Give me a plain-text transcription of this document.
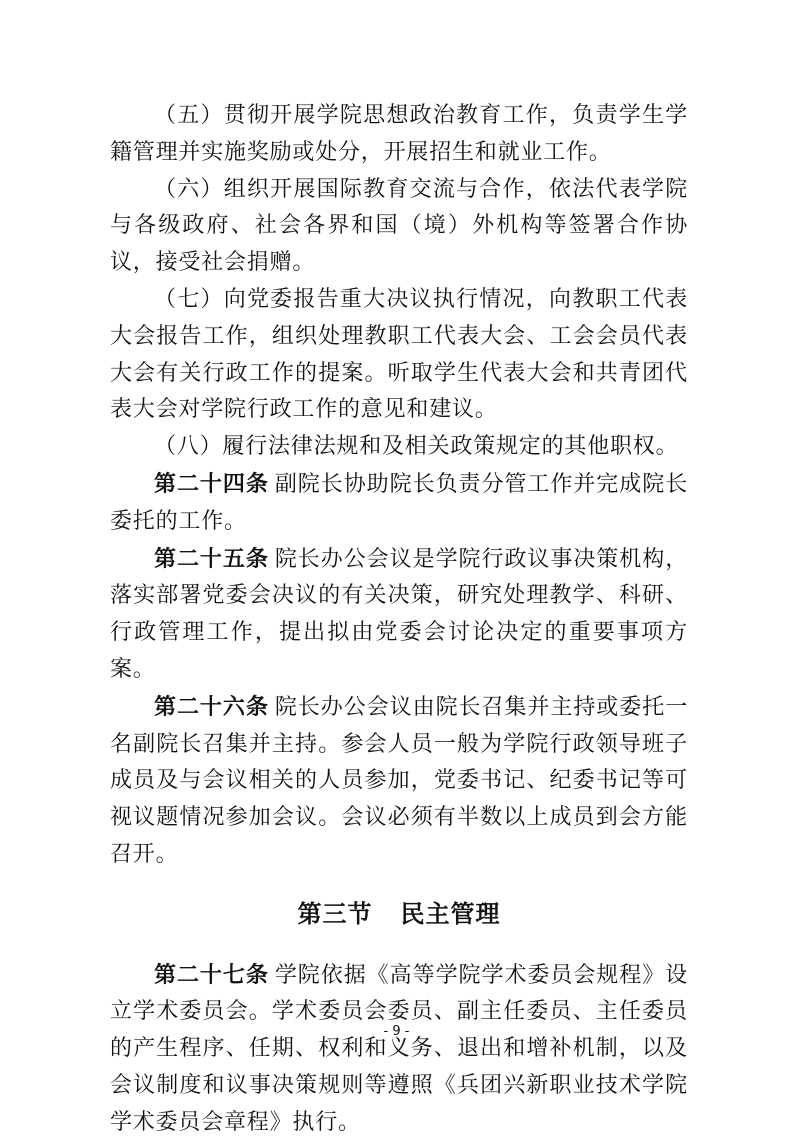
（五）贯彻开展学院思想政治教育工作，负责学生学籍管理并实施奖励或处分，开展招生和就业工作。

（六）组织开展国际教育交流与合作，依法代表学院与各级政府、社会各界和国（境）外机构等签署合作协议，接受社会捐赠。

（七）向党委报告重大决议执行情况，向教职工代表大会报告工作，组织处理教职工代表大会、工会会员代表大会有关行政工作的提案。听取学生代表大会和共青团代表大会对学院行政工作的意见和建议。

（八）履行法律法规和及相关政策规定的其他职权。

第二十四条 副院长协助院长负责分管工作并完成院长委托的工作。

第二十五条 院长办公会议是学院行政议事决策机构，落实部署党委会决议的有关决策，研究处理教学、科研、行政管理工作，提出拟由党委会讨论决定的重要事项方案。

第二十六条 院长办公会议由院长召集并主持或委托一名副院长召集并主持。参会人员一般为学院行政领导班子成员及与会议相关的人员参加，党委书记、纪委书记等可视议题情况参加会议。会议必须有半数以上成员到会方能召开。

第三节 民主管理

第二十七条 学院依据《高等学院学术委员会规程》设立学术委员会。学术委员会委员、副主任委员、主任委员的产生程序、任期、权利和义务、退出和增补机制，以及会议制度和议事决策规则等遵照《兵团兴新职业技术学院学术委员会章程》执行。

- 9 -
